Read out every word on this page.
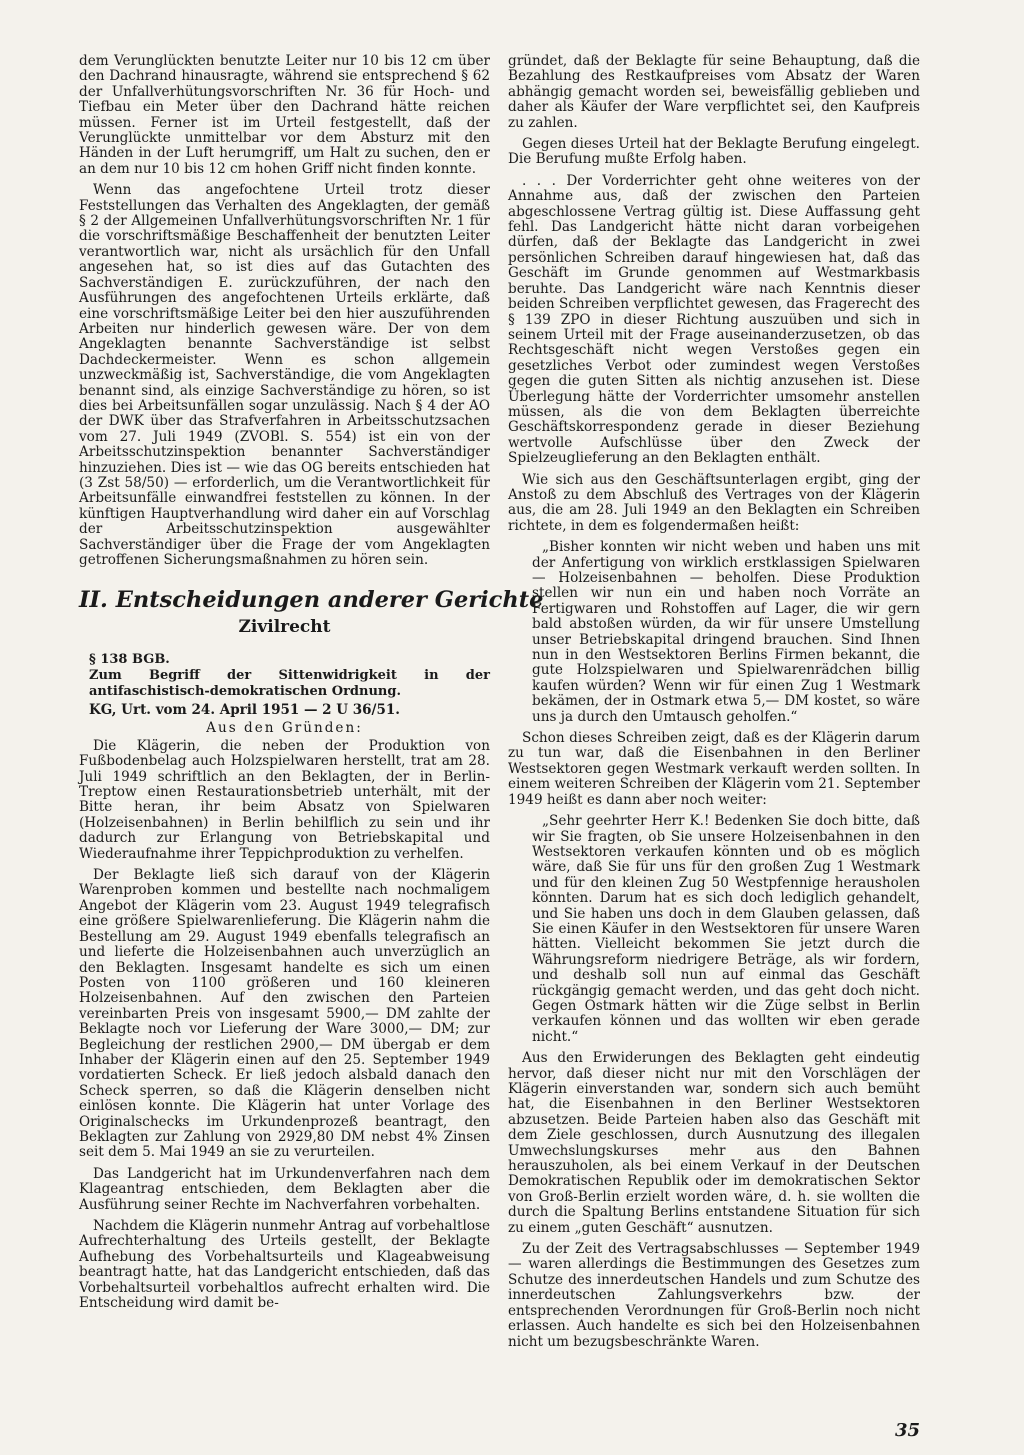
dem Verunglückten benutzte Leiter nur 10 bis 12 cm über den Dachrand hinausragte, während sie entsprechend § 62 der Unfallverhütungsvorschriften Nr. 36 für Hoch- und Tiefbau ein Meter über den Dachrand hätte reichen müssen. Ferner ist im Urteil festgestellt, daß der Verunglückte unmittelbar vor dem Absturz mit den Händen in der Luft herumgriff, um Halt zu suchen, den er an dem nur 10 bis 12 cm hohen Griff nicht finden konnte.

Wenn das angefochtene Urteil trotz dieser Feststellungen das Verhalten des Angeklagten, der gemäß § 2 der Allgemeinen Unfallverhütungsvorschriften Nr. 1 für die vorschriftsmäßige Beschaffenheit der benutzten Leiter verantwortlich war, nicht als ursächlich für den Unfall angesehen hat, so ist dies auf das Gutachten des Sachverständigen E. zurückzuführen, der nach den Ausführungen des angefochtenen Urteils erklärte, daß eine vorschriftsmäßige Leiter bei den hier auszuführenden Arbeiten nur hinderlich gewesen wäre. Der von dem Angeklagten benannte Sachverständige ist selbst Dachdeckermeister. Wenn es schon allgemein unzweckmäßig ist, Sachverständige, die vom Angeklagten benannt sind, als einzige Sachverständige zu hören, so ist dies bei Arbeitsunfällen sogar unzulässig. Nach § 4 der AO der DWK über das Strafverfahren in Arbeitsschutzsachen vom 27. Juli 1949 (ZVOBl. S. 554) ist ein von der Arbeitsschutzinspektion benannter Sachverständiger hinzuziehen. Dies ist — wie das OG bereits entschieden hat (3 Zst 58/50) — erforderlich, um die Verantwortlichkeit für Arbeitsunfälle einwandfrei feststellen zu können. In der künftigen Hauptverhandlung wird daher ein auf Vorschlag der Arbeitsschutzinspektion ausgewählter Sachverständiger über die Frage der vom Angeklagten getroffenen Sicherungsmaßnahmen zu hören sein.

II. Entscheidungen anderer Gerichte
Zivilrecht
§ 138 BGB.
Zum Begriff der Sittenwidrigkeit in der antifaschistisch-demokratischen Ordnung.
KG, Urt. vom 24. April 1951 — 2 U 36/51.
Aus den Gründen:

Die Klägerin, die neben der Produktion von Fußbodenbelag auch Holzspielwaren herstellt, trat am 28. Juli 1949 schriftlich an den Beklagten, der in Berlin-Treptow einen Restaurationsbetrieb unterhält, mit der Bitte heran, ihr beim Absatz von Spielwaren (Holzeisenbahnen) in Berlin behilflich zu sein und ihr dadurch zur Erlangung von Betriebskapital und Wiederaufnahme ihrer Teppichproduktion zu verhelfen.

Der Beklagte ließ sich darauf von der Klägerin Warenproben kommen und bestellte nach nochmaligem Angebot der Klägerin vom 23. August 1949 telegrafisch eine größere Spielwarenlieferung. Die Klägerin nahm die Bestellung am 29. August 1949 ebenfalls telegrafisch an und lieferte die Holzeisenbahnen auch unverzüglich an den Beklagten. Insgesamt handelte es sich um einen Posten von 1100 größeren und 160 kleineren Holzeisenbahnen. Auf den zwischen den Parteien vereinbarten Preis von insgesamt 5900,— DM zahlte der Beklagte noch vor Lieferung der Ware 3000,— DM; zur Begleichung der restlichen 2900,— DM übergab er dem Inhaber der Klägerin einen auf den 25. September 1949 vordatierten Scheck. Er ließ jedoch alsbald danach den Scheck sperren, so daß die Klägerin denselben nicht einlösen konnte. Die Klägerin hat unter Vorlage des Originalschecks im Urkundenprozeß beantragt, den Beklagten zur Zahlung von 2929,80 DM nebst 4% Zinsen seit dem 5. Mai 1949 an sie zu verurteilen.

Das Landgericht hat im Urkundenverfahren nach dem Klageantrag entschieden, dem Beklagten aber die Ausführung seiner Rechte im Nachverfahren vorbehalten.

Nachdem die Klägerin nunmehr Antrag auf vorbehaltlose Aufrechterhaltung des Urteils gestellt, der Beklagte Aufhebung des Vorbehaltsurteils und Klageabweisung beantragt hatte, hat das Landgericht entschieden, daß das Vorbehaltsurteil vorbehaltlos aufrecht erhalten wird. Die Entscheidung wird damit be-

gründet, daß der Beklagte für seine Behauptung, daß die Bezahlung des Restkaufpreises vom Absatz der Waren abhängig gemacht worden sei, beweisfällig geblieben und daher als Käufer der Ware verpflichtet sei, den Kaufpreis zu zahlen.

Gegen dieses Urteil hat der Beklagte Berufung eingelegt. Die Berufung mußte Erfolg haben.

. . . Der Vorderrichter geht ohne weiteres von der Annahme aus, daß der zwischen den Parteien abgeschlossene Vertrag gültig ist. Diese Auffassung geht fehl. Das Landgericht hätte nicht daran vorbeigehen dürfen, daß der Beklagte das Landgericht in zwei persönlichen Schreiben darauf hingewiesen hat, daß das Geschäft im Grunde genommen auf Westmarkbasis beruhte. Das Landgericht wäre nach Kenntnis dieser beiden Schreiben verpflichtet gewesen, das Fragerecht des § 139 ZPO in dieser Richtung auszuüben und sich in seinem Urteil mit der Frage auseinanderzusetzen, ob das Rechtsgeschäft nicht wegen Verstoßes gegen ein gesetzliches Verbot oder zumindest wegen Verstoßes gegen die guten Sitten als nichtig anzusehen ist. Diese Überlegung hätte der Vorderrichter umsomehr anstellen müssen, als die von dem Beklagten überreichte Geschäftskorrespondenz gerade in dieser Beziehung wertvolle Aufschlüsse über den Zweck der Spielzeuglieferung an den Beklagten enthält.

Wie sich aus den Geschäftsunterlagen ergibt, ging der Anstoß zu dem Abschluß des Vertrages von der Klägerin aus, die am 28. Juli 1949 an den Beklagten ein Schreiben richtete, in dem es folgendermaßen heißt:

„Bisher konnten wir nicht weben und haben uns mit der Anfertigung von wirklich erstklassigen Spielwaren — Holzeisenbahnen — beholfen. Diese Produktion stellen wir nun ein und haben noch Vorräte an Fertigwaren und Rohstoffen auf Lager, die wir gern bald abstoßen würden, da wir für unsere Umstellung unser Betriebskapital dringend brauchen. Sind Ihnen nun in den Westsektoren Berlins Firmen bekannt, die gute Holzspielwaren und Spielwarenrädchen billig kaufen würden? Wenn wir für einen Zug 1 Westmark bekämen, der in Ostmark etwa 5,— DM kostet, so wäre uns ja durch den Umtausch geholfen.“

Schon dieses Schreiben zeigt, daß es der Klägerin darum zu tun war, daß die Eisenbahnen in den Berliner Westsektoren gegen Westmark verkauft werden sollten. In einem weiteren Schreiben der Klägerin vom 21. September 1949 heißt es dann aber noch weiter:

„Sehr geehrter Herr K.! Bedenken Sie doch bitte, daß wir Sie fragten, ob Sie unsere Holzeisenbahnen in den Westsektoren verkaufen könnten und ob es möglich wäre, daß Sie für uns für den großen Zug 1 Westmark und für den kleinen Zug 50 Westpfennige herausholen könnten. Darum hat es sich doch lediglich gehandelt, und Sie haben uns doch in dem Glauben gelassen, daß Sie einen Käufer in den Westsektoren für unsere Waren hätten. Vielleicht bekommen Sie jetzt durch die Währungsreform niedrigere Beträge, als wir fordern, und deshalb soll nun auf einmal das Geschäft rückgängig gemacht werden, und das geht doch nicht. Gegen Ostmark hätten wir die Züge selbst in Berlin verkaufen können und das wollten wir eben gerade nicht.“

Aus den Erwiderungen des Beklagten geht eindeutig hervor, daß dieser nicht nur mit den Vorschlägen der Klägerin einverstanden war, sondern sich auch bemüht hat, die Eisenbahnen in den Berliner Westsektoren abzusetzen. Beide Parteien haben also das Geschäft mit dem Ziele geschlossen, durch Ausnutzung des illegalen Umwechslungskurses mehr aus den Bahnen herauszuholen, als bei einem Verkauf in der Deutschen Demokratischen Republik oder im demokratischen Sektor von Groß-Berlin erzielt worden wäre, d. h. sie wollten die durch die Spaltung Berlins entstandene Situation für sich zu einem „guten Geschäft“ ausnutzen.

Zu der Zeit des Vertragsabschlusses — September 1949 — waren allerdings die Bestimmungen des Gesetzes zum Schutze des innerdeutschen Handels und zum Schutze des innerdeutschen Zahlungsverkehrs bzw. der entsprechenden Verordnungen für Groß-Berlin noch nicht erlassen. Auch handelte es sich bei den Holzeisenbahnen nicht um bezugsbeschränkte Waren.

35
